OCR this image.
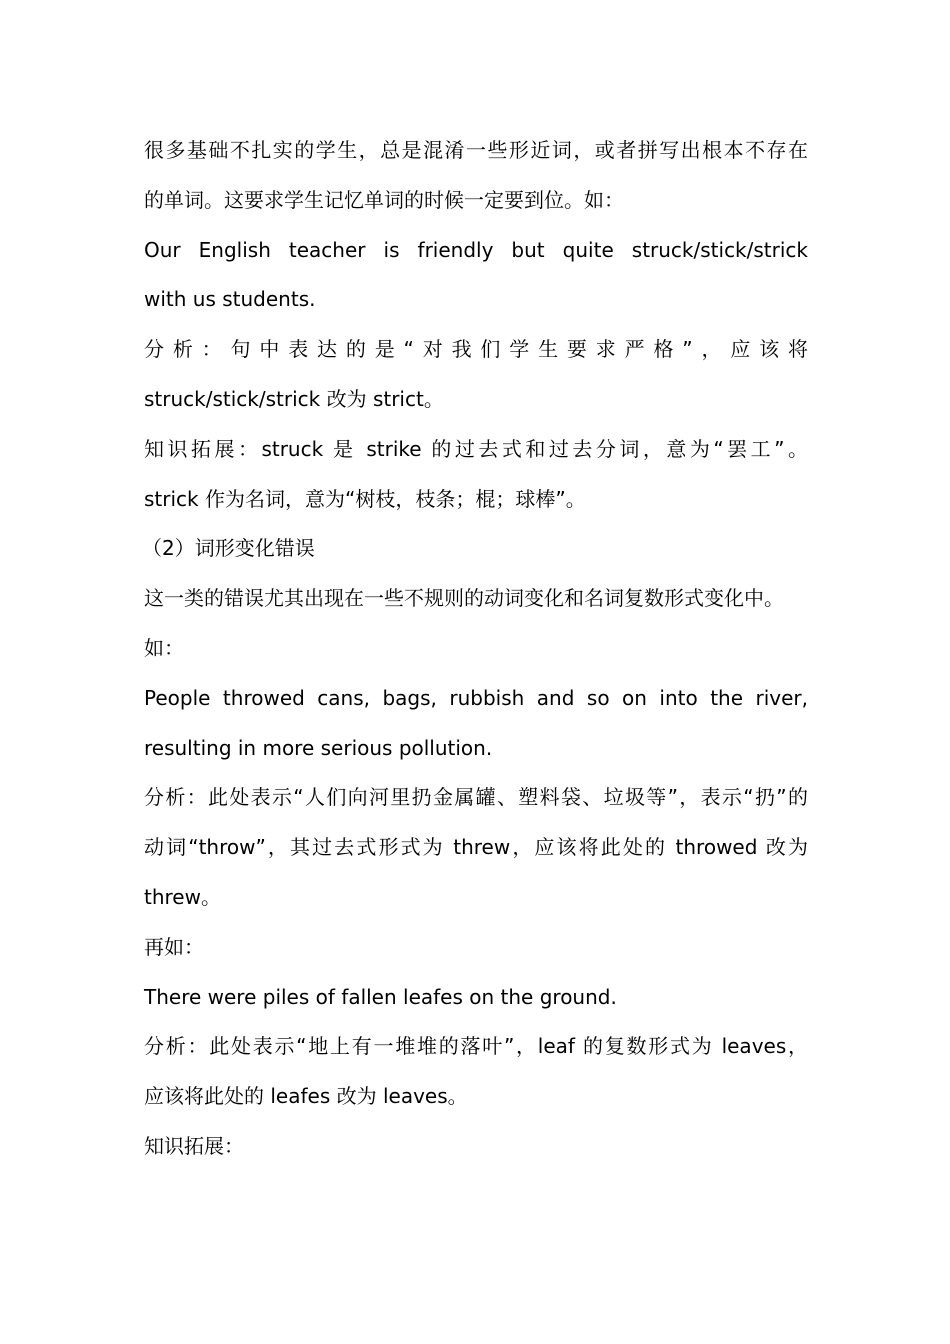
很多基础不扎实的学生，总是混淆一些形近词，或者拼写出根本不存在
的单词。这要求学生记忆单词的时候一定要到位。如：
Our English teacher is friendly but quite struck/stick/strick
with us students.
分析：句中表达的是“对我们学生要求严格”，应该将
struck/stick/strick 改为 strict。
知识拓展：struck 是 strike 的过去式和过去分词，意为“罢工”。
strick 作为名词，意为“树枝，枝条；棍；球棒”。
（2）词形变化错误
这一类的错误尤其出现在一些不规则的动词变化和名词复数形式变化中。
如：
People throwed cans, bags, rubbish and so on into the river,
resulting in more serious pollution.
分析：此处表示“人们向河里扔金属罐、塑料袋、垃圾等”，表示“扔”的
动词“throw”，其过去式形式为 threw，应该将此处的 throwed 改为
threw。
再如：
There were piles of fallen leafes on the ground.
分析：此处表示“地上有一堆堆的落叶”，leaf 的复数形式为 leaves，
应该将此处的 leafes 改为 leaves。
知识拓展：
